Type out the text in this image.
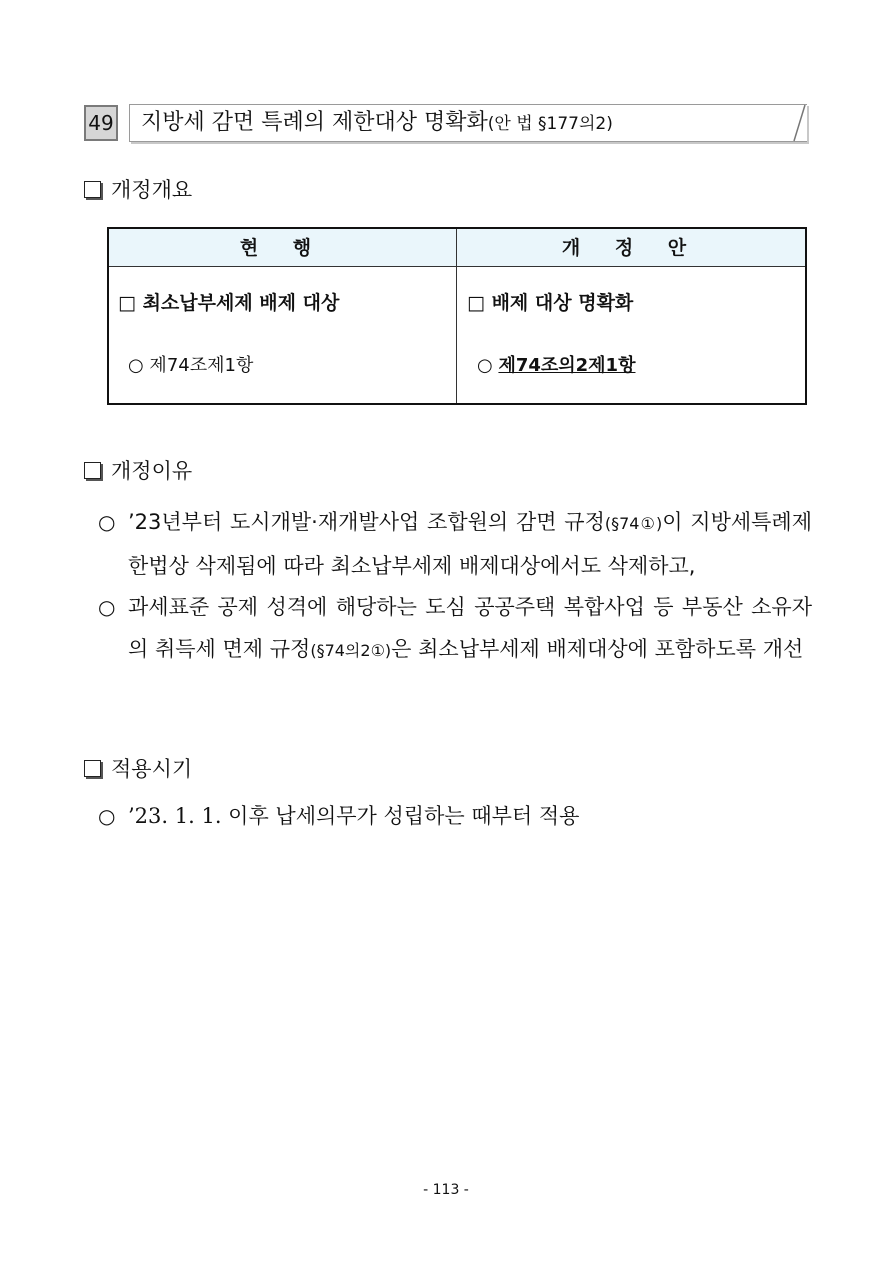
49 지방세 감면 특례의 제한대상 명확화(안 법 §177의2)
개정개요
현 행	개 정 안
□ 최소납부세제 배제 대상
○ 제74조제1항
□ 배제 대상 명확화
○ 제74조의2제1항
개정이유
○ ’23년부터 도시개발·재개발사업 조합원의 감면 규정(§74①)이 지방세특례제한법상 삭제됨에 따라 최소납부세제 배제대상에서도 삭제하고,
○ 과세표준 공제 성격에 해당하는 도심 공공주택 복합사업 등 부동산 소유자의 취득세 면제 규정(§74의2①)은 최소납부세제 배제대상에 포함하도록 개선
적용시기
○ ’23. 1. 1. 이후 납세의무가 성립하는 때부터 적용
- 113 -
